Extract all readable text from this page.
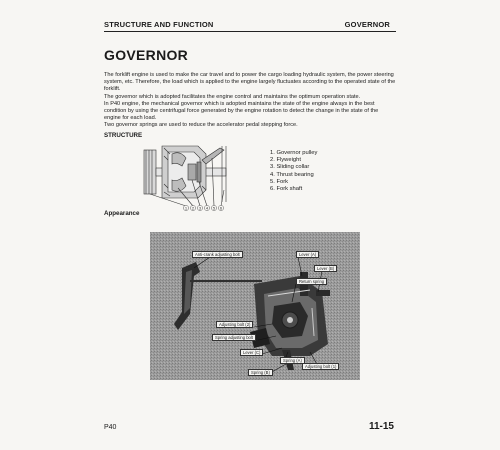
STRUCTURE AND FUNCTION	GOVERNOR
GOVERNOR

The forklift engine is used to make the car travel and to power the cargo loading hydraulic system, the power steering system, etc. Therefore, the load which is applied to the engine largely fluctuates according to the operated state of the forklift.

The governor which is adopted facilitates the engine control and maintains the optimum operation state.

In P40 engine, the mechanical governor which is adopted maintains the state of the engine always in the best condition by using the centrifugal force generated by the engine rotation to detect the change in the state of the engine for each load.

Two governor springs are used to reduce the accelerator pedal stepping force.

STRUCTURE
1 2 3 4 5 6
1. Governor pulley
2. Flyweight
3. Sliding collar
4. Thrust bearing
5. Fork
6. Fork shaft
Appearance
Anti-crank adjusting bolt	Lever (A)
Lever (B)
Return spring
Adjusting bolt (2)
Spring adjusting bolt
Lever (C)
Spring (A)
Spring (B)
Adjusting bolt (1)
P40	11-15
